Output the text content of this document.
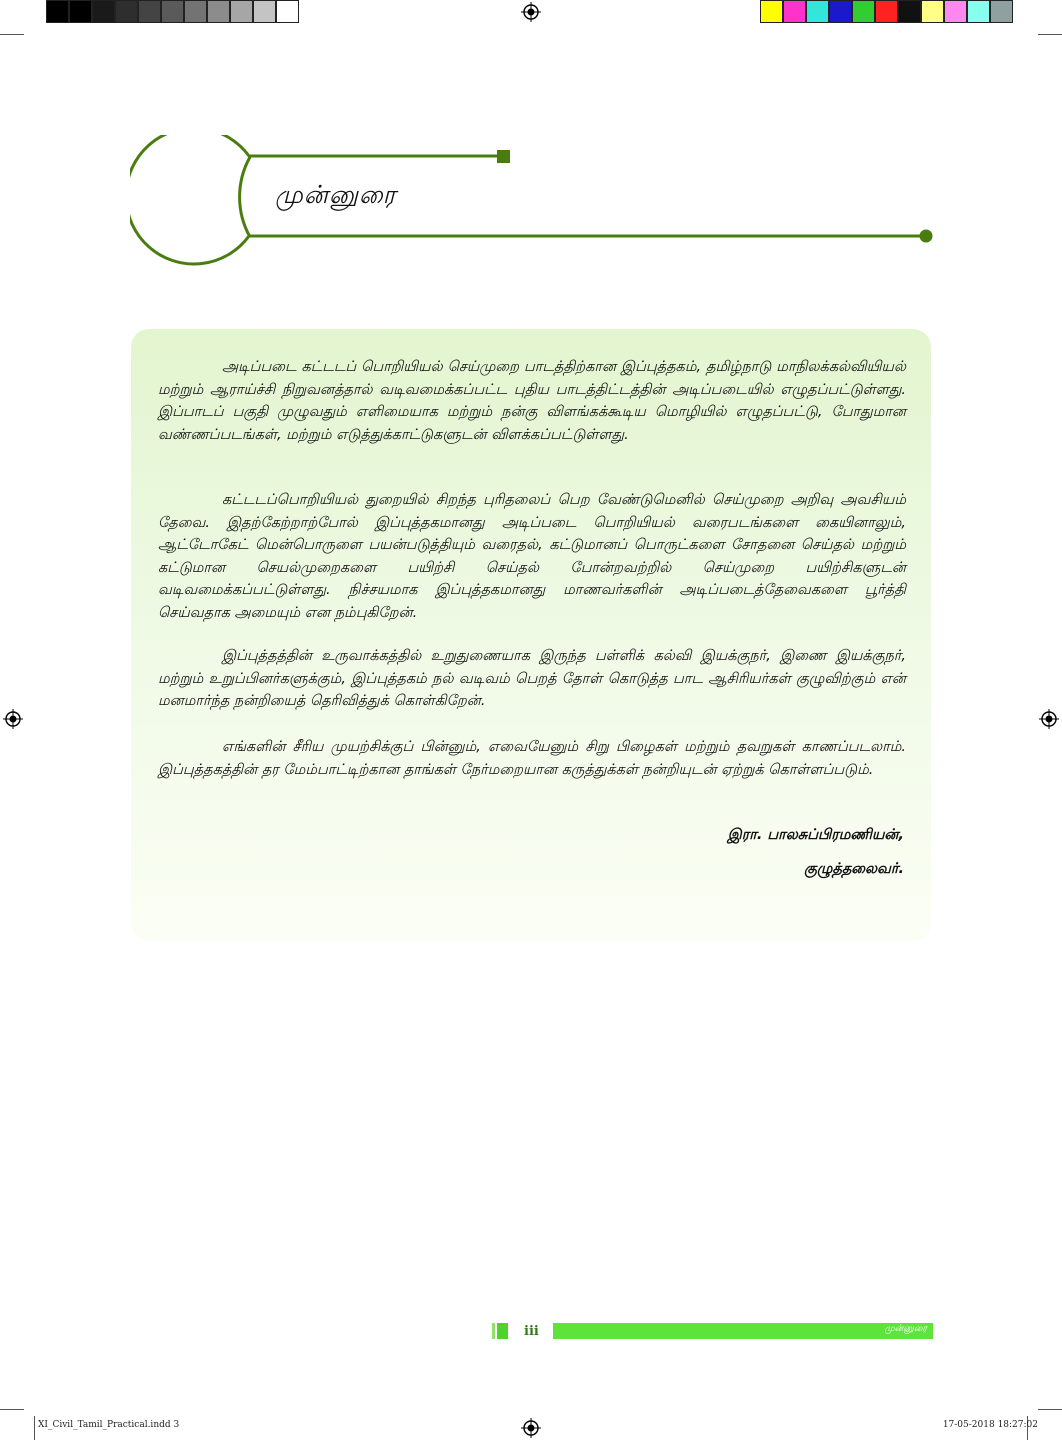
முன்னுரை

அடிப்படை கட்டடப் பொறியியல் செய்முறை பாடத்திற்கான இப்புத்தகம், தமிழ்நாடு மாநிலக்கல்வியியல் மற்றும் ஆராய்ச்சி நிறுவனத்தால் வடிவமைக்கப்பட்ட புதிய பாடத்திட்டத்தின் அடிப்படையில் எழுதப்பட்டுள்ளது. இப்பாடப் பகுதி முழுவதும் எளிமையாக மற்றும் நன்கு விளங்கக்கூடிய மொழியில் எழுதப்பட்டு, போதுமான வண்ணப்படங்கள், மற்றும் எடுத்துக்காட்டுகளுடன் விளக்கப்பட்டுள்ளது.

கட்டடப்பொறியியல் துறையில் சிறந்த புரிதலைப் பெற வேண்டுமெனில் செய்முறை அறிவு அவசியம் தேவை. இதற்கேற்றாற்போல் இப்புத்தகமானது அடிப்படை பொறியியல் வரைபடங்களை கையினாலும், ஆட்டோகேட் மென்பொருளை பயன்படுத்தியும் வரைதல், கட்டுமானப் பொருட்களை சோதனை செய்தல் மற்றும் கட்டுமான செயல்முறைகளை பயிற்சி செய்தல் போன்றவற்றில் செய்முறை பயிற்சிகளுடன் வடிவமைக்கப்பட்டுள்ளது. நிச்சயமாக இப்புத்தகமானது மாணவர்களின் அடிப்படைத்தேவைகளை பூர்த்தி செய்வதாக அமையும் என நம்புகிறேன்.

இப்புத்தத்தின் உருவாக்கத்தில் உறுதுணையாக இருந்த பள்ளிக் கல்வி இயக்குநர், இணை இயக்குநர், மற்றும் உறுப்பினர்களுக்கும், இப்புத்தகம் நல் வடிவம் பெறத் தோள் கொடுத்த பாட ஆசிரியர்கள் குழுவிற்கும் என் மனமார்ந்த நன்றியைத் தெரிவித்துக் கொள்கிறேன்.

எங்களின் சீரிய முயற்சிக்குப் பின்னும், எவையேனும் சிறு பிழைகள் மற்றும் தவறுகள் காணப்படலாம். இப்புத்தகத்தின் தர மேம்பாட்டிற்கான தாங்கள் நேர்மறையான கருத்துக்கள் நன்றியுடன் ஏற்றுக் கொள்ளப்படும்.

இரா. பாலசுப்பிரமணியன்,
குழுத்தலைவர்.
iii	முன்னுரை
XI_Civil_Tamil_Practical.indd 3	17-05-2018 18:27:02
